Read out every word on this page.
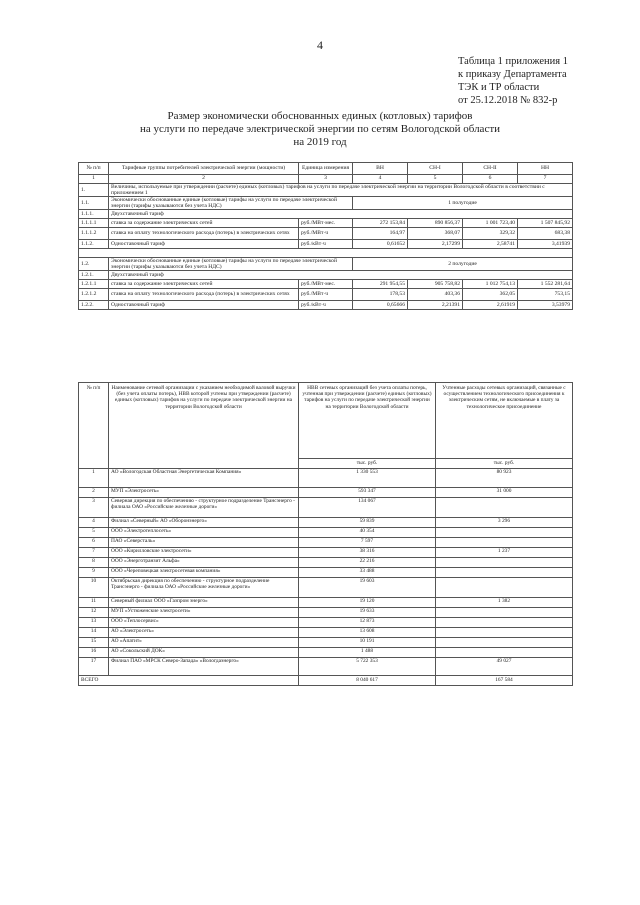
4
Таблица 1 приложения 1
к приказу Департамента
ТЭК и ТР области
от 25.12.2018 № 832-р
Размер экономически обоснованных единых (котловых) тарифов
на услуги по передаче электрической энергии по сетям Вологодской области
на 2019 год
№ п/п	Тарифные группы потребителей электрической энергии (мощности)	Единица измерения	ВН	СН-I	СН-II	НН
1	2	3	4	5	6	7
1.	Величины, используемые при утверждении (расчете) единых (котловых) тарифов на услуги по передаче электрической энергии на территории Вологодской области в соответствии с приложением 1					
1.1.	Экономически обоснованные единые (котловые) тарифы на услуги по передаче электрической энергии (тарифы указываются без учета НДС)		1 полугодие			
1.1.1.	Двухставочный тариф					
1.1.1.1	ставка за содержание электрических сетей	руб./МВт·мес.	272 153,84	890 856,37	1 001 723,40	1 507 845,92
1.1.1.2	ставка на оплату технологического расхода (потерь) в электрических сетях	руб./МВт·ч	164,97	368,07	329,32	683,38
1.1.2.	Одноставочный тариф	руб./кВт·ч	0,61652	2,17299	2,58741	3,41939

1.2.	Экономически обоснованные единые (котловые) тарифы на услуги по передаче электрической энергии (тарифы указываются без учета НДС)		2 полугодие			
1.2.1.	Двухставочный тариф					
1.2.1.1	ставка за содержание электрических сетей	руб./МВт·мес.	291 954,55	905 758,82	1 012 754,13	1 552 281,64
1.2.1.2	ставка на оплату технологического расхода (потерь) в электрических сетях	руб./МВт·ч	178,53	403,36	362,05	753,15
1.2.2.	Одноставочный тариф	руб./кВт·ч	0,65666	2,21391	2,61919	3,53979
№ п/п	Наименование сетевой организации с указанием необходимой валовой выручки (без учета оплаты потерь), НВВ которой учтены при утверждении (расчете) единых (котловых) тарифов на услуги по передаче электрической энергии на территории Вологодской области	НВВ сетевых организаций без учета оплаты потерь, учтенная при утверждении (расчете) единых (котловых) тарифов на услуги по передаче электрической энергии на территории Вологодской области	Учтенные расходы сетевых организаций, связанные с осуществлением технологического присоединения к электрическим сетям, не включаемые в плату за технологическое присоединение
		тыс. руб.	тыс. руб.
1	АО «Вологодская Областная Энергетическая Компания»	1 330 553	80 923
2	МУП «Электросеть»	593 347	31 000
3	Северная дирекция по обеспечению - структурное подразделение Трансэнерго - филиала ОАО «Российские железные дороги»	134 067	
4	Филиал «Северный» АО «Оборонэнерго»	59 839	3 296
5	ООО «Электротеплосеть»	40 354	
6	ПАО «Северсталь»	7 597	
7	ООО «Кирилловские электросети»	38 316	1 237
8	ООО «Энерготранзит Альфа»	22 216	
9	ООО «Череповецкая электросетевая компания»	33 488	
10	Октябрьская дирекция по обеспечению - структурное подразделение Трансэнерго - филиала ОАО «Российские железные дороги»	19 603	
11	Северный филиал ООО «Газпром энерго»	19 120	1 382
12	МУП «Устюженские электросети»	19 633	
13	ООО «Теплосервис»	12 873	
14	АО «Электросеть»	13 608	
15	АО «Апатит»	10 191	
16	АО «Сокольский ДОК»	1 488	
17	Филиал ПАО «МРСК Северо-Запада» «Вологдаэнерго»	5 722 353	49 027
ВСЕГО		8 040 617	167 584
